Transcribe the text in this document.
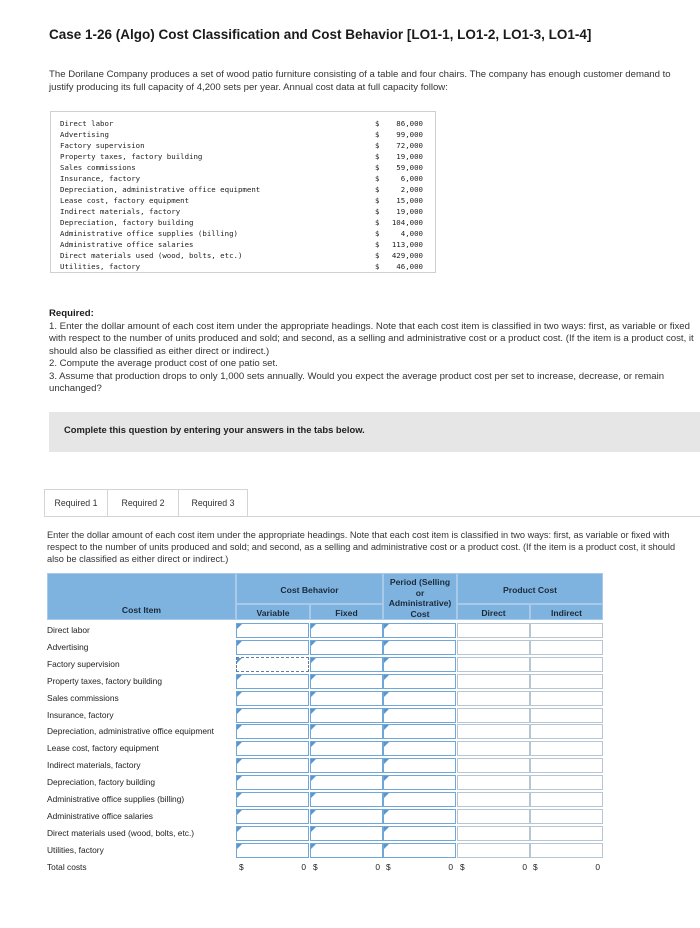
Case 1-26 (Algo) Cost Classification and Cost Behavior [LO1-1, LO1-2, LO1-3, LO1-4]
The Dorilane Company produces a set of wood patio furniture consisting of a table and four chairs. The company has enough customer demand to justify producing its full capacity of 4,200 sets per year. Annual cost data at full capacity follow:
Direct labor	$ 86,000
Advertising	$ 99,000
Factory supervision	$ 72,000
Property taxes, factory building	$ 19,000
Sales commissions	$ 59,000
Insurance, factory	$	6,000
Depreciation, administrative office equipment	$	2,000
Lease cost, factory equipment	$ 15,000
Indirect materials, factory	$ 19,000
Depreciation, factory building	$ 104,000
Administrative office supplies (billing)	$	4,000
Administrative office salaries	$ 113,000
Direct materials used (wood, bolts, etc.)	$ 429,000
Utilities, factory	$ 46,000
Required:
1. Enter the dollar amount of each cost item under the appropriate headings. Note that each cost item is classified in two ways: first, as variable or fixed with respect to the number of units produced and sold; and second, as a selling and administrative cost or a product cost. (If the item is a product cost, it should also be classified as either direct or indirect.)
2. Compute the average product cost of one patio set.
3. Assume that production drops to only 1,000 sets annually. Would you expect the average product cost per set to increase, decrease, or remain unchanged?
Complete this question by entering your answers in the tabs below.
Required 1	Required 2	Required 3
Enter the dollar amount of each cost item under the appropriate headings. Note that each cost item is classified in two ways: first, as variable or fixed with respect to the number of units produced and sold; and second, as a selling and administrative cost or a product cost. (If the item is a product cost, it should also be classified as either direct or indirect.)
Cost Item
Cost Behavior
Variable	Fixed
Period (Selling or Administrative) Cost
Product Cost
Direct	Indirect
Direct labor
Advertising
Factory supervision
Property taxes, factory building
Sales commissions
Insurance, factory
Depreciation, administrative office equipment
Lease cost, factory equipment
Indirect materials, factory
Depreciation, factory building
Administrative office supplies (billing)
Administrative office salaries
Direct materials used (wood, bolts, etc.)
Utilities, factory
Total costs	$	0 $	0 $	0 $	0 $	0
